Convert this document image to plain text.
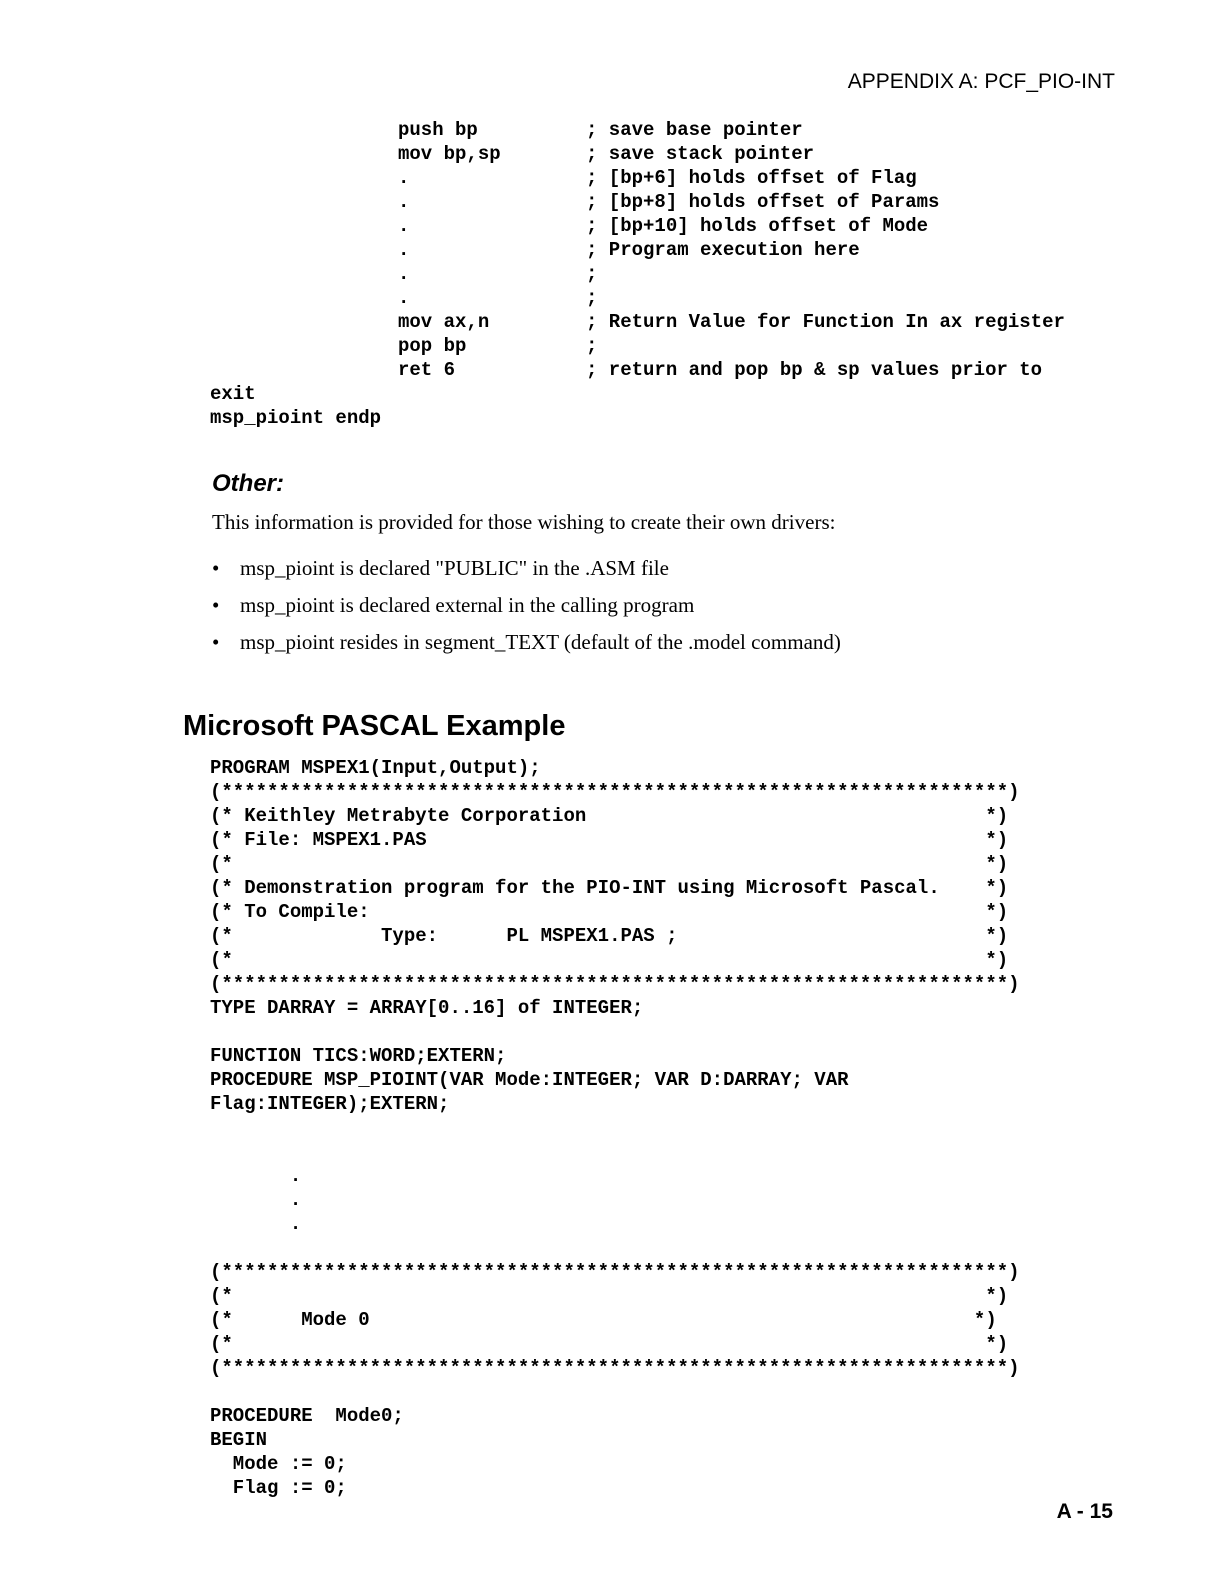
APPENDIX A: PCF_PIO-INT
push bp	; save base pointer
mov bp,sp	; save stack pointer
.	; [bp+6] holds offset of Flag
.	; [bp+8] holds offset of Params
.	; [bp+10] holds offset of Mode
.	; Program execution here
.	;
.	;
mov ax,n	; Return Value for Function In ax register
pop bp	;
ret 6	; return and pop bp & sp values prior to
exit
msp_pioint endp
Other:
This information is provided for those wishing to create their own drivers:
• msp_pioint is declared "PUBLIC" in the .ASM file
• msp_pioint is declared external in the calling program
• msp_pioint resides in segment_TEXT (default of the .model command)
Microsoft PASCAL Example
PROGRAM MSPEX1(Input,Output);
(*********************************************************************)
(* Keithley Metrabyte Corporation                                   *)
(* File: MSPEX1.PAS                                                 *)
(*                                                                  *)
(* Demonstration program for the PIO-INT using Microsoft Pascal.    *)
(* To Compile:                                                      *)
(*             Type:      PL MSPEX1.PAS ;                           *)
(*                                                                  *)
(*********************************************************************)
TYPE DARRAY = ARRAY[0..16] of INTEGER;
FUNCTION TICS:WORD;EXTERN;
PROCEDURE MSP_PIOINT(VAR Mode:INTEGER; VAR D:DARRAY; VAR
Flag:INTEGER);EXTERN;
.
.
.
(*********************************************************************)
(*                                                                  *)
(*      Mode 0                                                     *)
(*                                                                  *)
(*********************************************************************)
PROCEDURE  Mode0;
BEGIN
Mode := 0;
Flag := 0;
A - 15
